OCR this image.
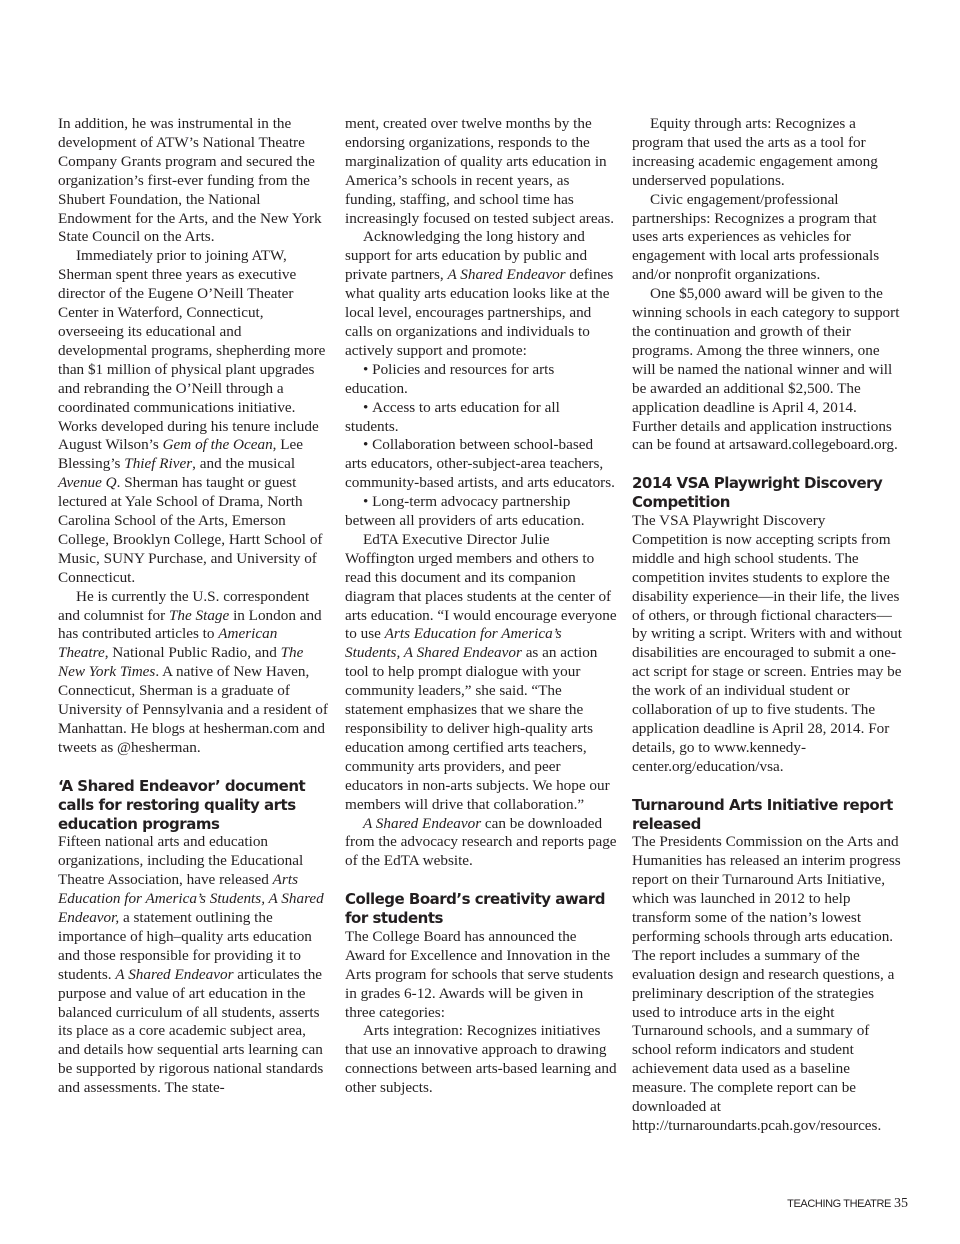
In addition, he was instrumental in the development of ATW’s National Theatre Company Grants program and secured the organization’s first-ever funding from the Shubert Foundation, the National Endowment for the Arts, and the New York State Council on the Arts.

Immediately prior to joining ATW, Sherman spent three years as executive director of the Eugene O’Neill Theater Center in Waterford, Connecticut, overseeing its educational and developmental programs, shepherding more than $1 million of physical plant upgrades and rebranding the O’Neill through a coordinated communications initiative. Works developed during his tenure include August Wilson’s Gem of the Ocean, Lee Blessing’s Thief River, and the musical Avenue Q. Sherman has taught or guest lectured at Yale School of Drama, North Carolina School of the Arts, Emerson College, Brooklyn College, Hartt School of Music, SUNY Purchase, and University of Connecticut.

He is currently the U.S. correspondent and columnist for The Stage in London and has contributed articles to American Theatre, National Public Radio, and The New York Times. A native of New Haven, Connecticut, Sherman is a graduate of University of Pennsylvania and a resident of Manhattan. He blogs at hesherman.com and tweets as @hesherman.

‘A Shared Endeavor’ document calls for restoring quality arts education programs

Fifteen national arts and education organizations, including the Educational Theatre Association, have released Arts Education for America’s Students, A Shared Endeavor, a statement outlining the importance of high–quality arts education and those responsible for providing it to students. A Shared Endeavor articulates the purpose and value of art education in the balanced curriculum of all students, asserts its place as a core academic subject area, and details how sequential arts learning can be supported by rigorous national standards and assessments. The state-

ment, created over twelve months by the endorsing organizations, responds to the marginalization of quality arts education in America’s schools in recent years, as funding, staffing, and school time has increasingly focused on tested subject areas.

Acknowledging the long history and support for arts education by public and private partners, A Shared Endeavor defines what quality arts education looks like at the local level, encourages partnerships, and calls on organizations and individuals to actively support and promote:

• Policies and resources for arts education.

• Access to arts education for all students.

• Collaboration between school-based arts educators, other-subject-area teachers, community-based artists, and arts educators.

• Long-term advocacy partnership between all providers of arts education.

EdTA Executive Director Julie Woffington urged members and others to read this document and its companion diagram that places students at the center of arts education. “I would encourage everyone to use Arts Education for America’s Students, A Shared Endeavor as an action tool to help prompt dialogue with your community leaders,” she said. “The statement emphasizes that we share the responsibility to deliver high-quality arts education among certified arts teachers, community arts providers, and peer educators in non-arts subjects. We hope our members will drive that collaboration.”

A Shared Endeavor can be downloaded from the advocacy research and reports page of the EdTA website.

College Board’s creativity award for students

The College Board has announced the Award for Excellence and Innovation in the Arts program for schools that serve students in grades 6-12. Awards will be given in three categories:

Arts integration: Recognizes initiatives that use an innovative approach to drawing connections between arts-based learning and other subjects.

Equity through arts: Recognizes a program that used the arts as a tool for increasing academic engagement among underserved populations.

Civic engagement/professional partnerships: Recognizes a program that uses arts experiences as vehicles for engagement with local arts professionals and/or nonprofit organizations.

One $5,000 award will be given to the winning schools in each category to support the continuation and growth of their programs. Among the three winners, one will be named the national winner and will be awarded an additional $2,500. The application deadline is April 4, 2014. Further details and application instructions can be found at artsaward.collegeboard.org.

2014 VSA Playwright Discovery Competition

The VSA Playwright Discovery Competition is now accepting scripts from middle and high school students. The competition invites students to explore the disability experience—in their life, the lives of others, or through fictional characters—by writing a script. Writers with and without disabilities are encouraged to submit a one-act script for stage or screen. Entries may be the work of an individual student or collaboration of up to five students. The application deadline is April 28, 2014. For details, go to www.kennedy-center.org/education/vsa.

Turnaround Arts Initiative report released

The Presidents Commission on the Arts and Humanities has released an interim progress report on their Turnaround Arts Initiative, which was launched in 2012 to help transform some of the nation’s lowest performing schools through arts education. The report includes a summary of the evaluation design and research questions, a preliminary description of the strategies used to introduce arts in the eight Turnaround schools, and a summary of school reform indicators and student achievement data used as a baseline measure. The complete report can be downloaded at http://turnaroundarts.pcah.gov/resources.

TEACHING THEATRE 35
